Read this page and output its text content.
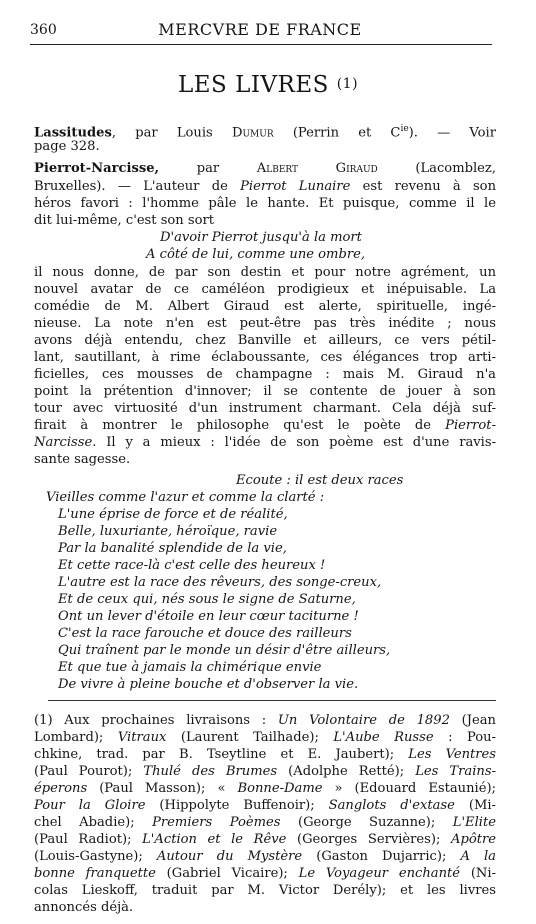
360	MERCVRE DE FRANCE
LES LIVRES (1)
Lassitudes, par Louis Dumur (Perrin et $C^{ie}$). — Voir
page 328.
Pierrot-Narcisse, par Albert Giraud (Lacomblez,
Bruxelles). — L'auteur de Pierrot Lunaire est revenu à son
héros favori : l'homme pâle le hante. Et puisque, comme il le
dit lui-même, c'est son sort
D'avoir Pierrot jusqu'à la mort
A côté de lui, comme une ombre,
il nous donne, de par son destin et pour notre agrément, un
nouvel avatar de ce caméléon prodigieux et inépuisable. La
comédie de M. Albert Giraud est alerte, spirituelle, ingé-
nieuse. La note n'en est peut-être pas très inédite ; nous
avons déjà entendu, chez Banville et ailleurs, ce vers pétil-
lant, sautillant, à rime éclaboussante, ces élégances trop arti-
ficielles, ces mousses de champagne : mais M. Giraud n'a
point la prétention d'innover; il se contente de jouer à son
tour avec virtuosité d'un instrument charmant. Cela déjà suf-
firait à montrer le philosophe qu'est le poète de Pierrot-
Narcisse. Il y a mieux : l'idée de son poème est d'une ravis-
sante sagesse.
Ecoute : il est deux races
Vieilles comme l'azur et comme la clarté :
L'une éprise de force et de réalité,
Belle, luxuriante, héroïque, ravie
Par la banalité splendide de la vie,
Et cette race-là c'est celle des heureux !
L'autre est la race des rêveurs, des songe-creux,
Et de ceux qui, nés sous le signe de Saturne,
Ont un lever d'étoile en leur cœur taciturne !
C'est la race farouche et douce des railleurs
Qui traînent par le monde un désir d'être ailleurs,
Et que tue à jamais la chimérique envie
De vivre à pleine bouche et d'observer la vie.
(1) Aux prochaines livraisons : Un Volontaire de 1892 (Jean
Lombard); Vitraux (Laurent Tailhade); L'Aube Russe : Pou-
chkine, trad. par B. Tseytline et E. Jaubert); Les Ventres
(Paul Pourot); Thulé des Brumes (Adolphe Retté); Les Trains-
éperons (Paul Masson); « Bonne-Dame » (Edouard Estaunié);
Pour la Gloire (Hippolyte Buffenoir); Sanglots d'extase (Mi-
chel Abadie); Premiers Poèmes (George Suzanne); L'Elite
(Paul Radiot); L'Action et le Rêve (Georges Servières); Apôtre
(Louis-Gastyne); Autour du Mystère (Gaston Dujarric); A la
bonne franquette (Gabriel Vicaire); Le Voyageur enchanté (Ni-
colas Lieskoff, traduit par M. Victor Derély); et les livres
annoncés déjà.
